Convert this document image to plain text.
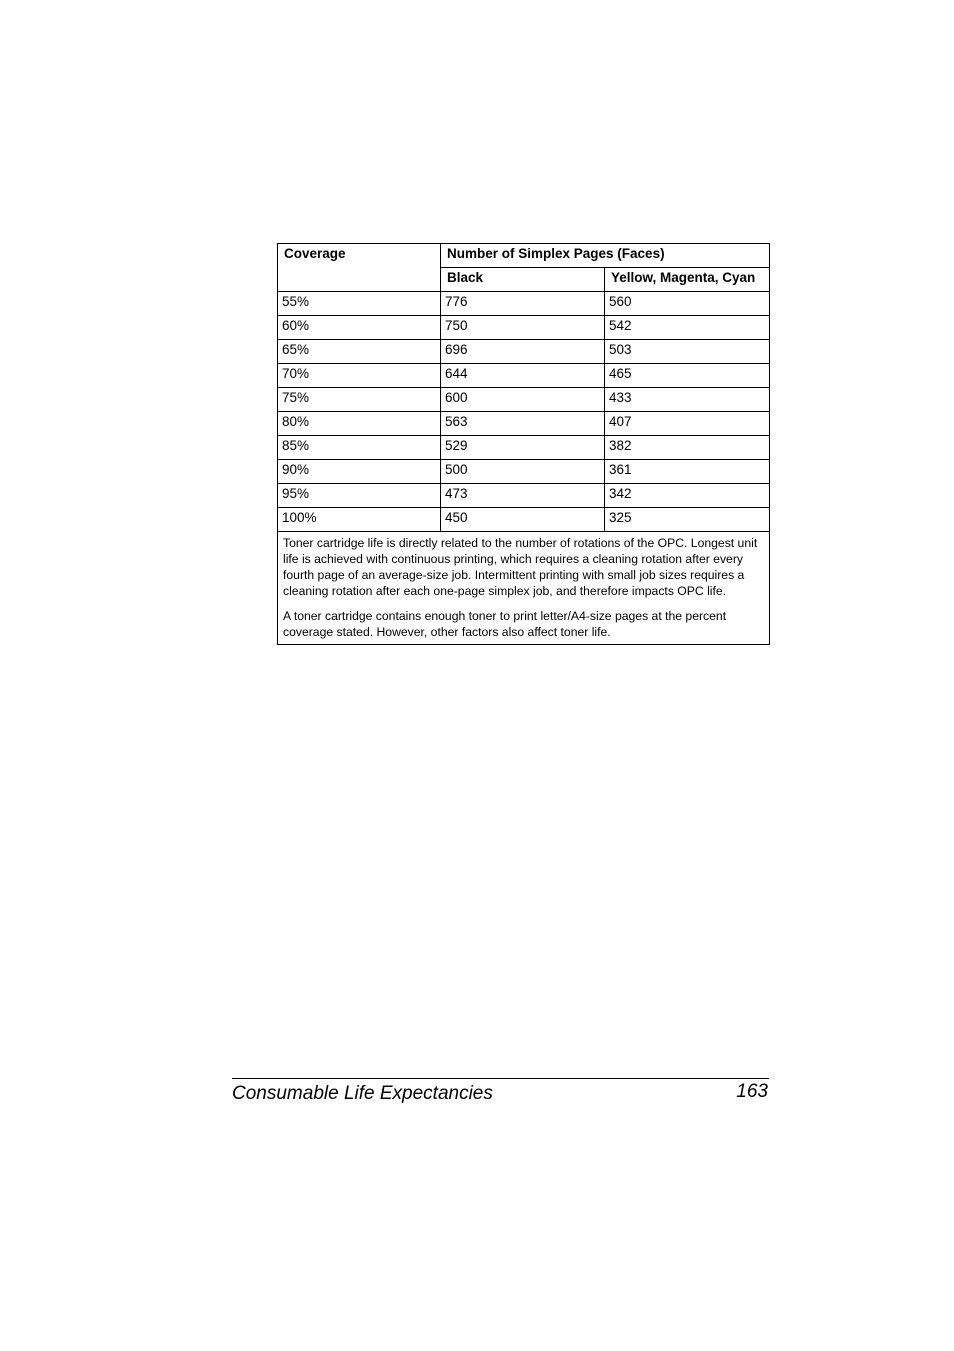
Coverage	Number of Simplex Pages (Faces)	
	Black	Yellow, Magenta, Cyan
55%	776	560
60%	750	542
65%	696	503
70%	644	465
75%	600	433
80%	563	407
85%	529	382
90%	500	361
95%	473	342
100%	450	325

Toner cartridge life is directly related to the number of rotations of the OPC. Longest unit life is achieved with continuous printing, which requires a cleaning rotation after every fourth page of an average-size job. Intermittent printing with small job sizes requires a cleaning rotation after each one-page simplex job, and therefore impacts OPC life.

A toner cartridge contains enough toner to print letter/A4-size pages at the percent coverage stated. However, other factors also affect toner life.		

Consumable Life Expectancies	163
